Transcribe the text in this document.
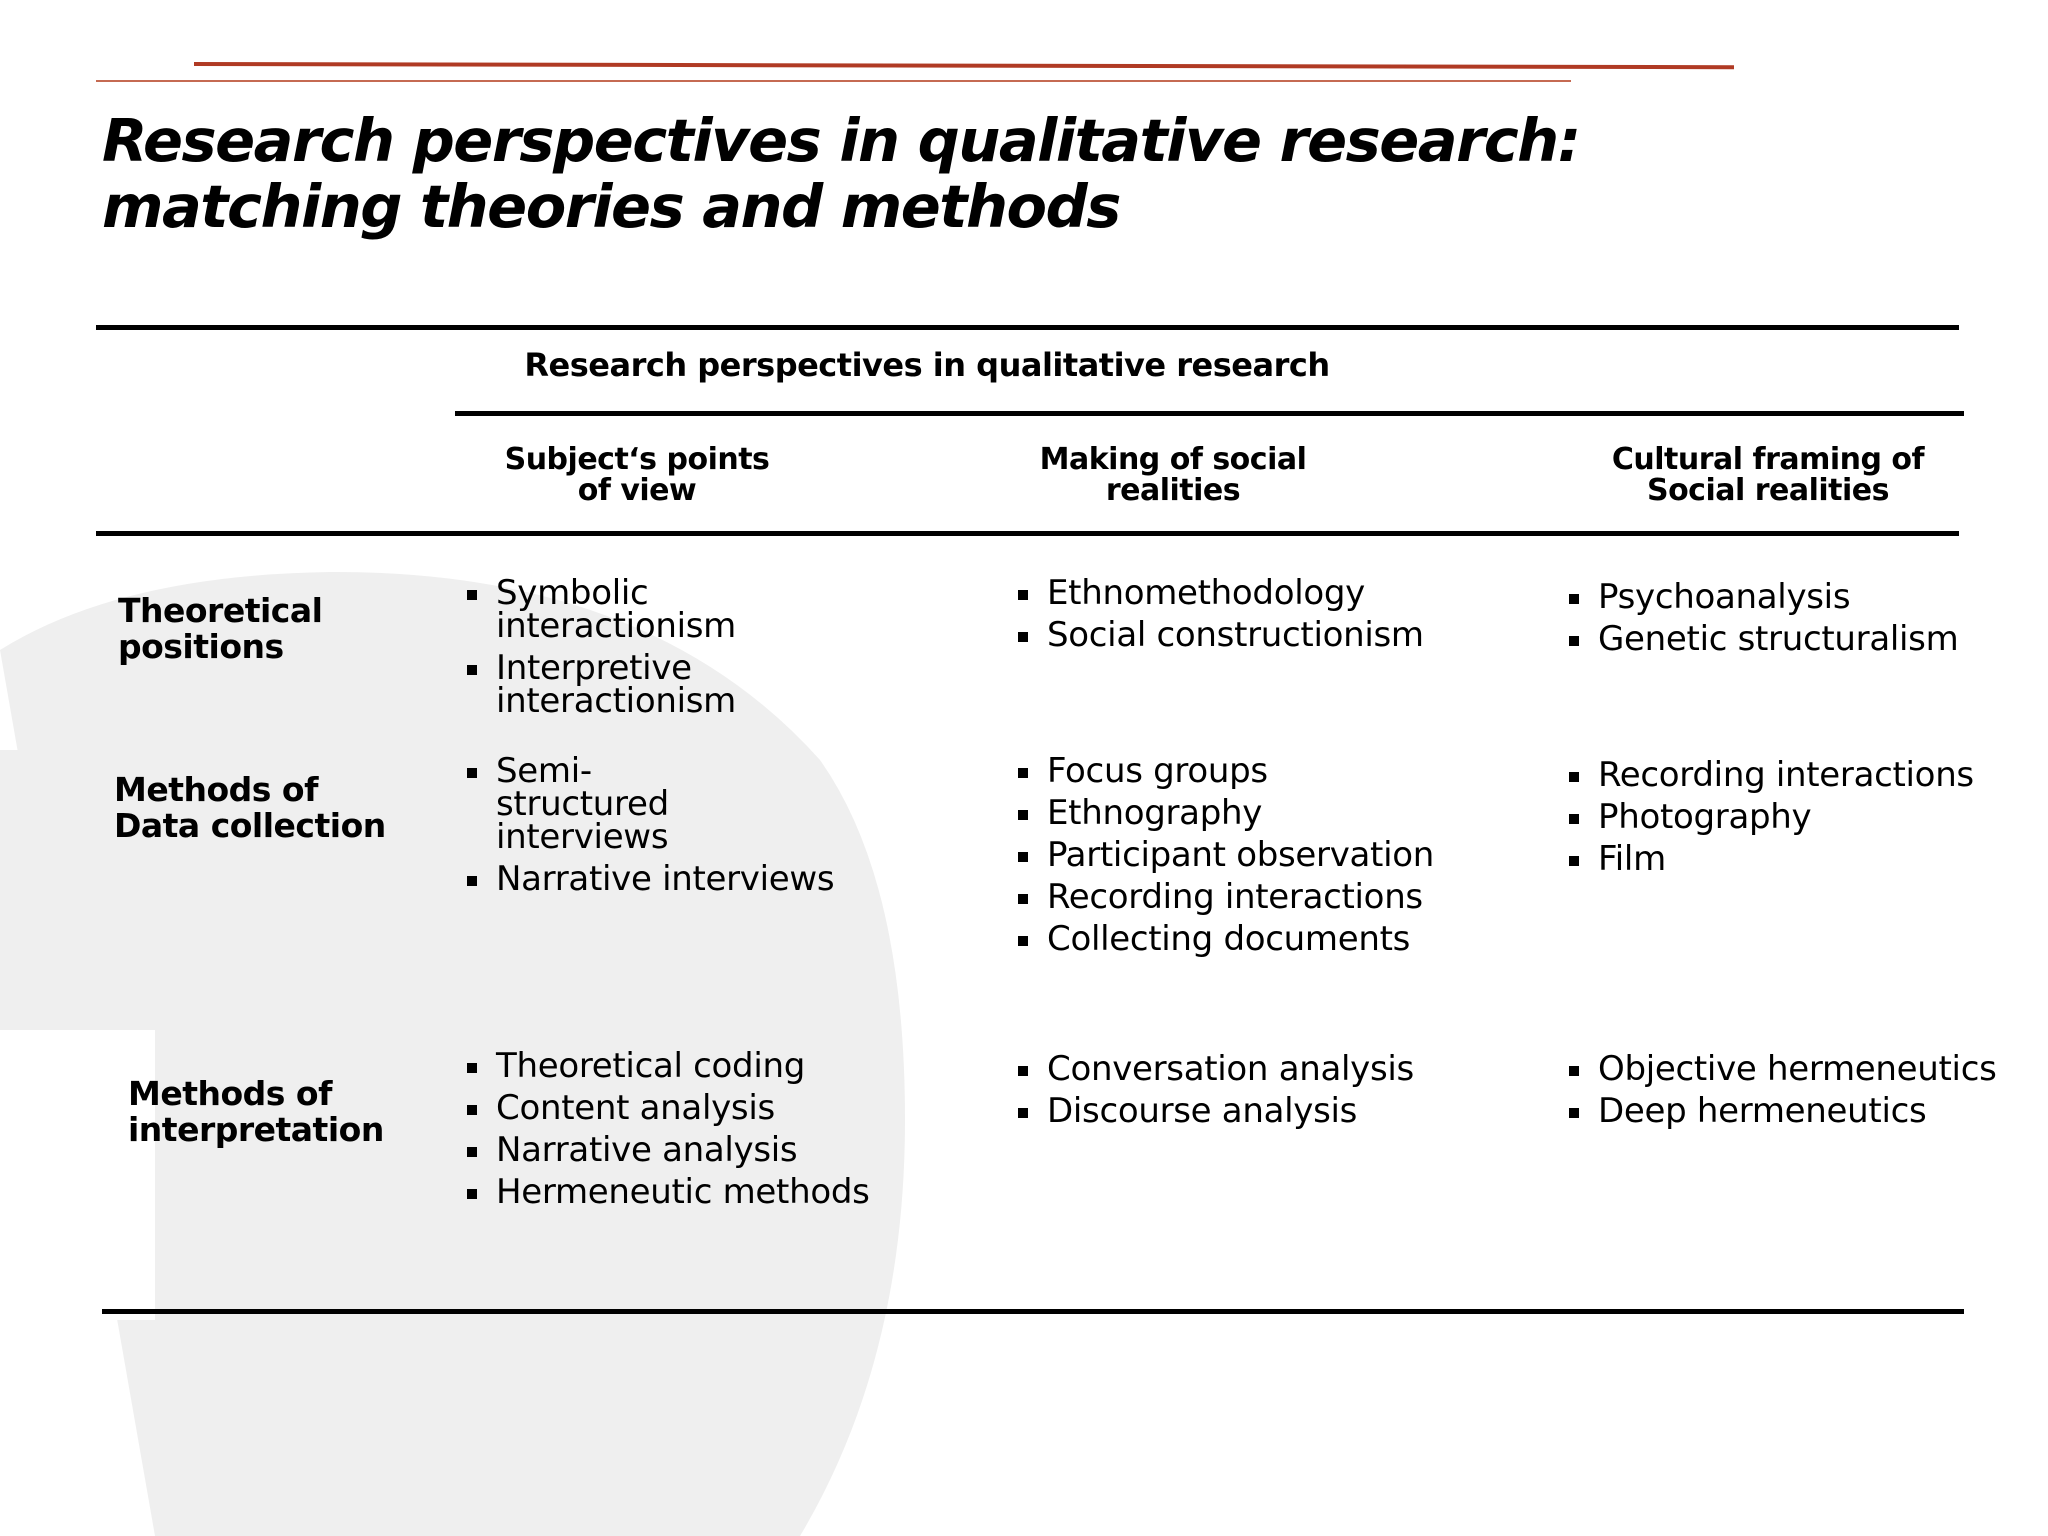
Research perspectives in qualitative research:
matching theories and methods
Research perspectives in qualitative research
Subject‘s points
of view
Making of social
realities
Cultural framing of
Social realities
Theoretical
positions
Methods of
Data collection
Methods of
interpretation
Symbolic interactionism
Interpretive interactionism
Ethnomethodology
Social constructionism
Psychoanalysis
Genetic structuralism
Semi-structured interviews
Narrative interviews
Focus groups
Ethnography
Participant observation
Recording interactions
Collecting documents
Recording interactions
Photography
Film
Theoretical coding
Content analysis
Narrative analysis
Hermeneutic methods
Conversation analysis
Discourse analysis
Objective hermeneutics
Deep hermeneutics
